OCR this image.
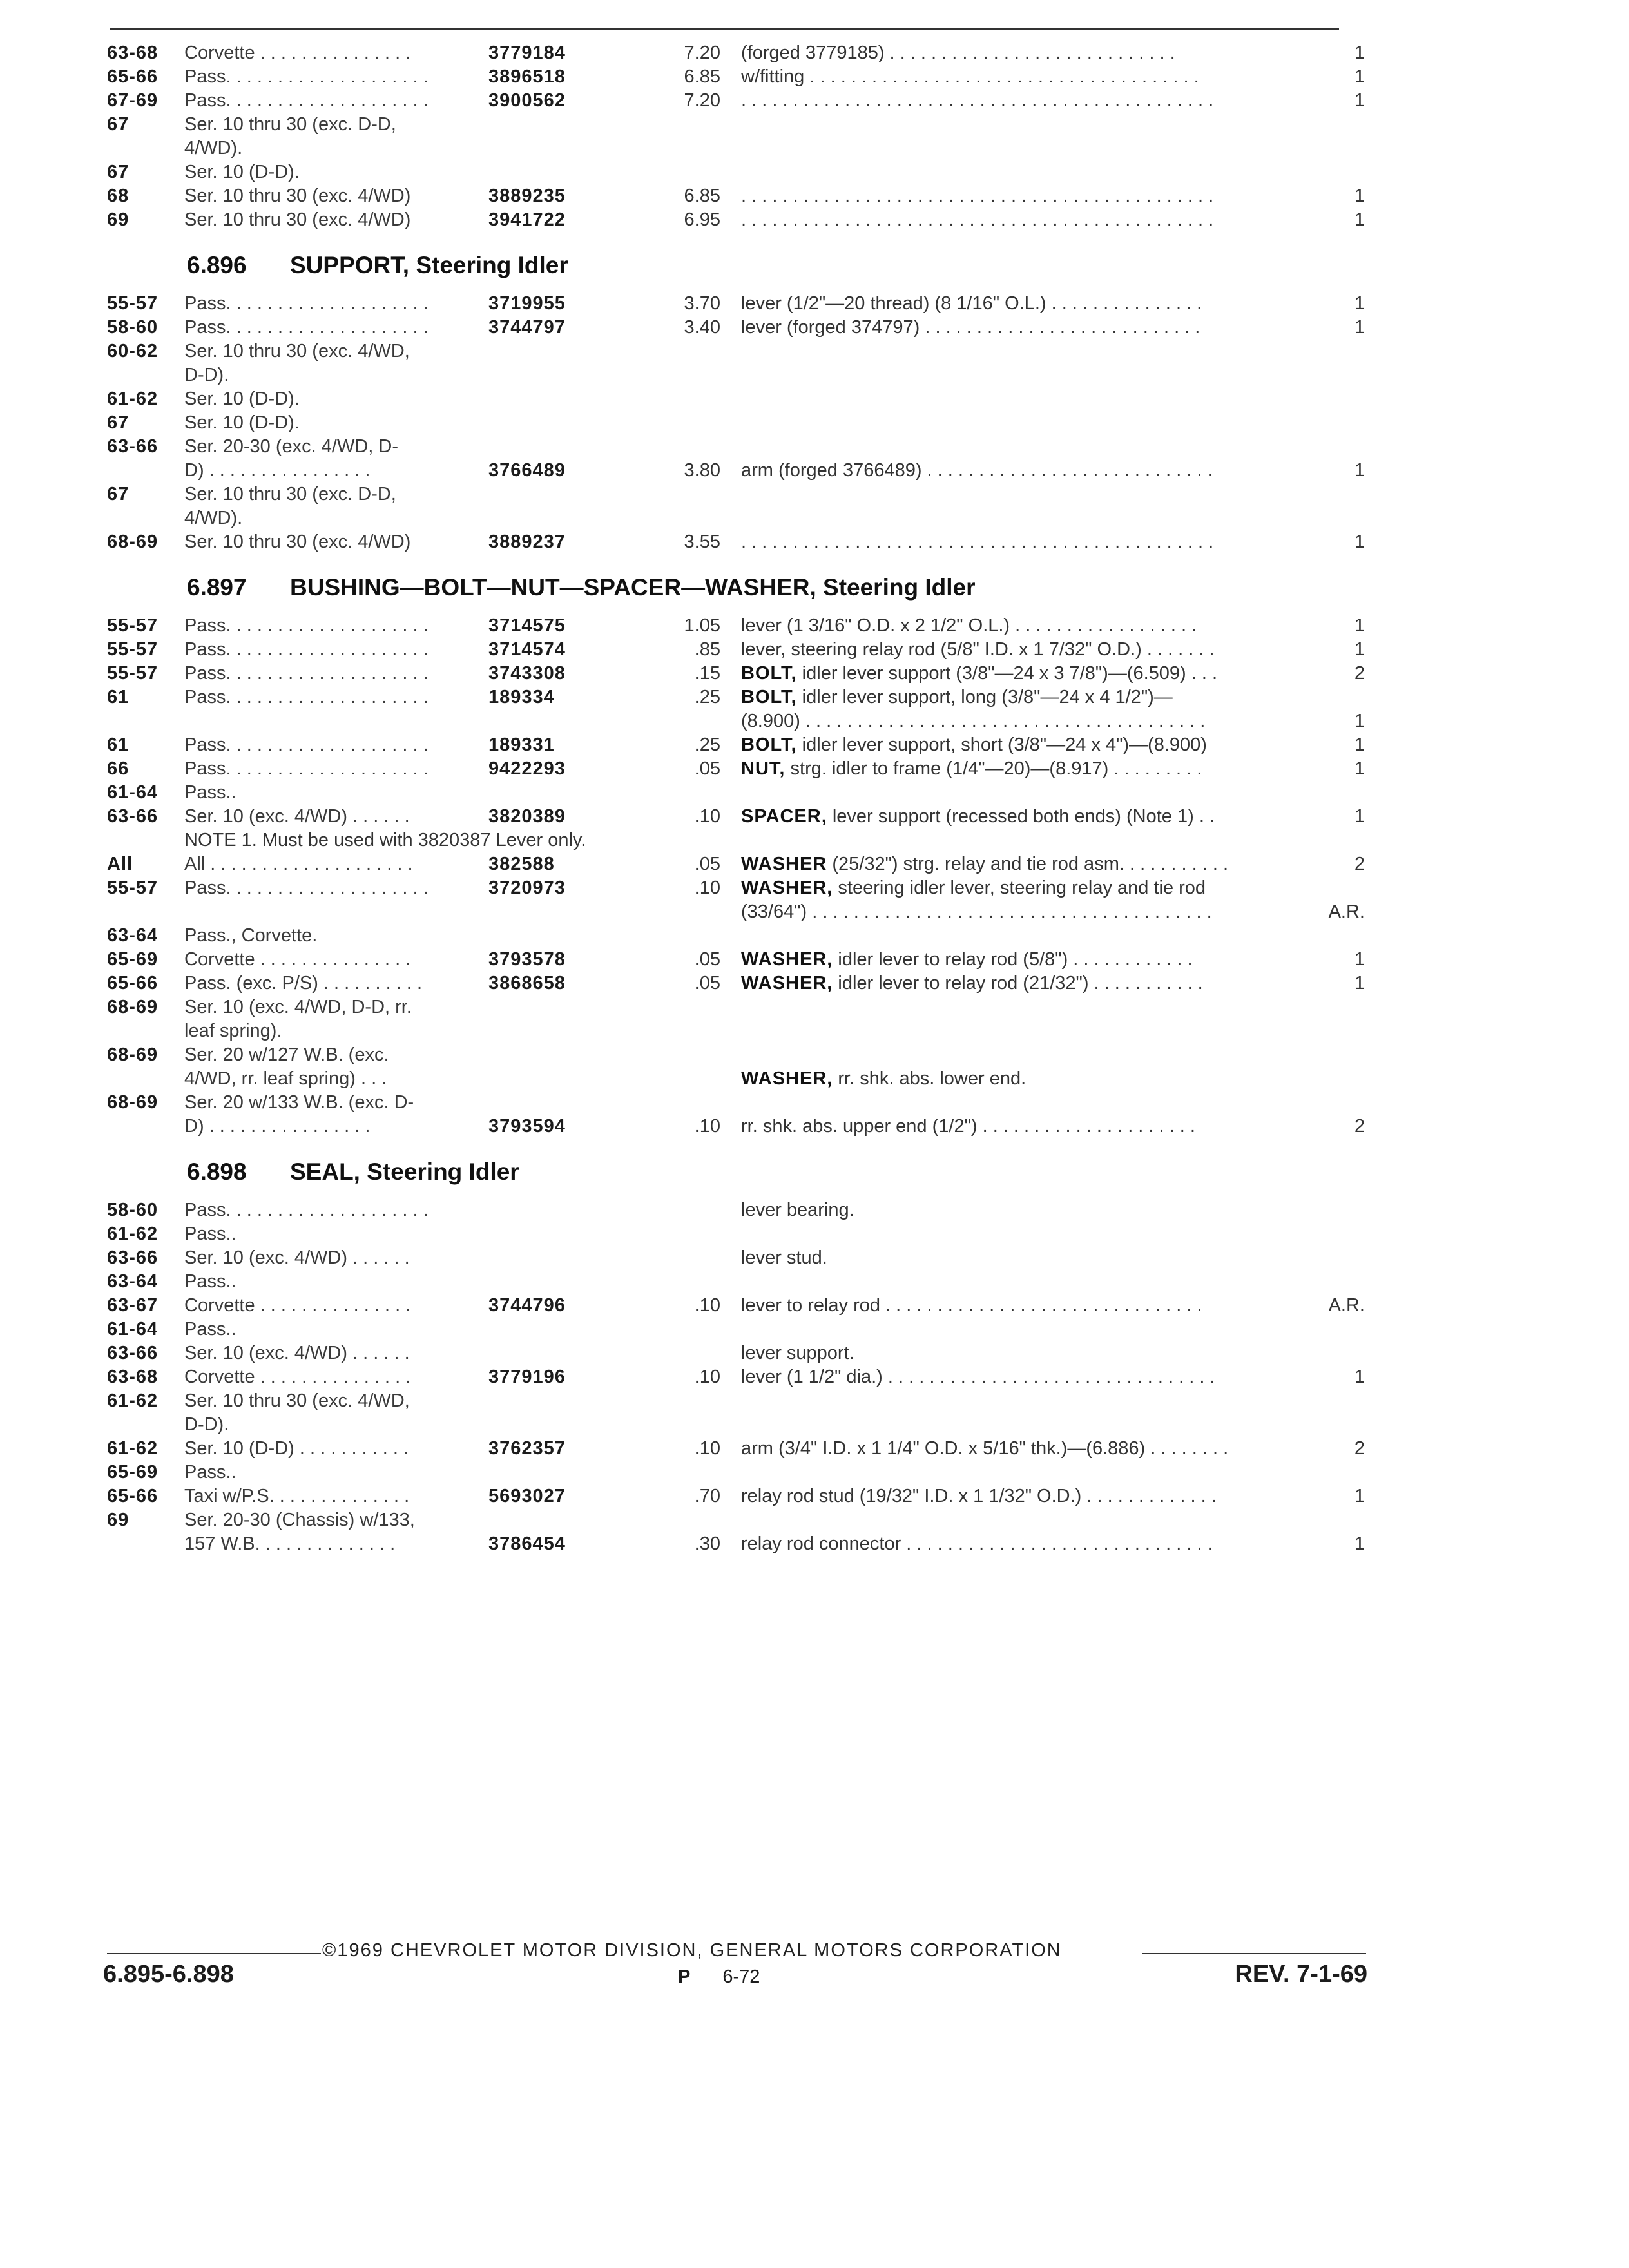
63-68	Corvette . . . . . . . . . . . . . . .	3779184	7.20 (forged 3779185) . . . . . . . . . . . . . . . . . . . . . . . . . . . .	1
65-66	Pass. . . . . . . . . . . . . . . . . . . .	3896518	6.85 w/fitting . . . . . . . . . . . . . . . . . . . . . . . . . . . . . . . . . . . . . .	1
67-69	Pass. . . . . . . . . . . . . . . . . . . .	3900562	7.20 . . . . . . . . . . . . . . . . . . . . . . . . . . . . . . . . . . . . . . . . . . . . . .	1
67	Ser. 10 thru 30 (exc. D-D,
4/WD).
67	Ser. 10 (D-D).
68	Ser. 10 thru 30 (exc. 4/WD)	3889235	6.85 . . . . . . . . . . . . . . . . . . . . . . . . . . . . . . . . . . . . . . . . . . . . . .	1
69	Ser. 10 thru 30 (exc. 4/WD)	3941722	6.95 . . . . . . . . . . . . . . . . . . . . . . . . . . . . . . . . . . . . . . . . . . . . . .	1
6.896 SUPPORT, Steering Idler
55-57	Pass. . . . . . . . . . . . . . . . . . . .	3719955	3.70 lever (1/2"—20 thread) (8 1/16" O.L.) . . . . . . . . . . . . . . .	1
58-60	Pass. . . . . . . . . . . . . . . . . . . .	3744797	3.40 lever (forged 374797) . . . . . . . . . . . . . . . . . . . . . . . . . . .	1
60-62	Ser. 10 thru 30 (exc. 4/WD,
D-D).
61-62	Ser. 10 (D-D).
67	Ser. 10 (D-D).
63-66	Ser. 20-30 (exc. 4/WD, D-
D) . . . . . . . . . . . . . . . .	3766489	3.80 arm (forged 3766489) . . . . . . . . . . . . . . . . . . . . . . . . . . . .	1
67	Ser. 10 thru 30 (exc. D-D,
4/WD).
68-69	Ser. 10 thru 30 (exc. 4/WD)	3889237	3.55 . . . . . . . . . . . . . . . . . . . . . . . . . . . . . . . . . . . . . . . . . . . . . .	1
6.897 BUSHING—BOLT—NUT—SPACER—WASHER, Steering Idler
55-57	Pass. . . . . . . . . . . . . . . . . . . .	3714575	1.05 lever (1 3/16" O.D. x 2 1/2" O.L.) . . . . . . . . . . . . . . . . . .	1
55-57	Pass. . . . . . . . . . . . . . . . . . . .	3714574	.85 lever, steering relay rod (5/8" I.D. x 1 7/32" O.D.) . . . . . . .	1
55-57	Pass. . . . . . . . . . . . . . . . . . . .	3743308	.15 BOLT, idler lever support (3/8"—24 x 3 7/8")—(6.509) . . .	2
61	Pass. . . . . . . . . . . . . . . . . . . .	189334	.25 BOLT, idler lever support, long (3/8"—24 x 4 1/2")—
(8.900) . . . . . . . . . . . . . . . . . . . . . . . . . . . . . . . . . . . . . . .	1
61	Pass. . . . . . . . . . . . . . . . . . . .	189331	.25 BOLT, idler lever support, short (3/8"—24 x 4")—(8.900)	1
66	Pass. . . . . . . . . . . . . . . . . . . .	9422293	.05 NUT, strg. idler to frame (1/4"—20)—(8.917) . . . . . . . . .	1
61-64	Pass..
63-66	Ser. 10 (exc. 4/WD) . . . . . .	3820389	.10 SPACER, lever support (recessed both ends) (Note 1) . .	1
NOTE 1. Must be used with 3820387 Lever only.
All	All . . . . . . . . . . . . . . . . . . . .	382588	.05 WASHER (25/32") strg. relay and tie rod asm. . . . . . . . . . .	2
55-57	Pass. . . . . . . . . . . . . . . . . . . .	3720973	.10 WASHER, steering idler lever, steering relay and tie rod
(33/64") . . . . . . . . . . . . . . . . . . . . . . . . . . . . . . . . . . . . . . .	A.R.
63-64	Pass., Corvette.
65-69	Corvette . . . . . . . . . . . . . . .	3793578	.05 WASHER, idler lever to relay rod (5/8") . . . . . . . . . . . .	1
65-66	Pass. (exc. P/S) . . . . . . . . . .	3868658	.05 WASHER, idler lever to relay rod (21/32") . . . . . . . . . . .	1
68-69	Ser. 10 (exc. 4/WD, D-D, rr.
leaf spring).
68-69	Ser. 20 w/127 W.B. (exc.
4/WD, rr. leaf spring) . . .	WASHER, rr. shk. abs. lower end.
68-69	Ser. 20 w/133 W.B. (exc. D-
D) . . . . . . . . . . . . . . . .	3793594	.10 rr. shk. abs. upper end (1/2") . . . . . . . . . . . . . . . . . . . . .	2
6.898 SEAL, Steering Idler
58-60	Pass. . . . . . . . . . . . . . . . . . . .	lever bearing.
61-62	Pass..
63-66	Ser. 10 (exc. 4/WD) . . . . . .	lever stud.
63-64	Pass..
63-67	Corvette . . . . . . . . . . . . . . .	3744796	.10 lever to relay rod . . . . . . . . . . . . . . . . . . . . . . . . . . . . . . .	A.R.
61-64	Pass..
63-66	Ser. 10 (exc. 4/WD) . . . . . .	lever support.
63-68	Corvette . . . . . . . . . . . . . . .	3779196	.10 lever (1 1/2" dia.) . . . . . . . . . . . . . . . . . . . . . . . . . . . . . . . .	1
61-62	Ser. 10 thru 30 (exc. 4/WD,
D-D).
61-62	Ser. 10 (D-D) . . . . . . . . . . .	3762357	.10 arm (3/4" I.D. x 1 1/4" O.D. x 5/16" thk.)—(6.886) . . . . . . . .	2
65-69	Pass..
65-66	Taxi w/P.S. . . . . . . . . . . . . .	5693027	.70 relay rod stud (19/32" I.D. x 1 1/32" O.D.) . . . . . . . . . . . . .	1
69	Ser. 20-30 (Chassis) w/133,
157 W.B. . . . . . . . . . . . . .	3786454	.30 relay rod connector . . . . . . . . . . . . . . . . . . . . . . . . . . . . . .	1
©1969 CHEVROLET MOTOR DIVISION, GENERAL MOTORS CORPORATION
6.895-6.898	P 6-72	REV. 7-1-69
